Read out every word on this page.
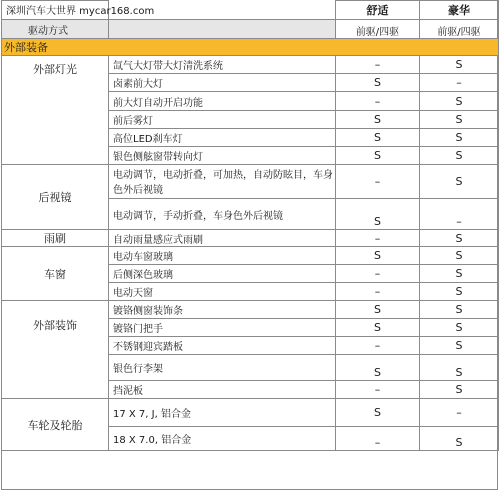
深圳汽车大世界 mycar168.com		舒适	豪华
驱动方式		前驱/四驱	前驱/四驱
外部装备			
外部灯光	氙气大灯带大灯清洗系统	–	S
	卤素前大灯	S	–
	前大灯自动开启功能	–	S
	前后雾灯	S	S
	高位LED刹车灯	S	S
	银色侧舷窗带转向灯	S	S
后视镜	电动调节，电动折叠，可加热，自动防眩目，车身色外后视镜	–	S
	电动调节，手动折叠，车身色外后视镜	S	–
雨刷	自动雨量感应式雨刷	–	S
车窗	电动车窗玻璃	S	S
	后侧深色玻璃	–	S
	电动天窗	–	S
外部装饰	镀铬侧窗装饰条	S	S
	镀铬门把手	S	S
	不锈钢迎宾踏板	–	S
	银色行李架	S	S
	挡泥板	–	S
车轮及轮胎	17 X 7, J, 铝合金	S	–
	18 X 7.0, 铝合金	–	S
